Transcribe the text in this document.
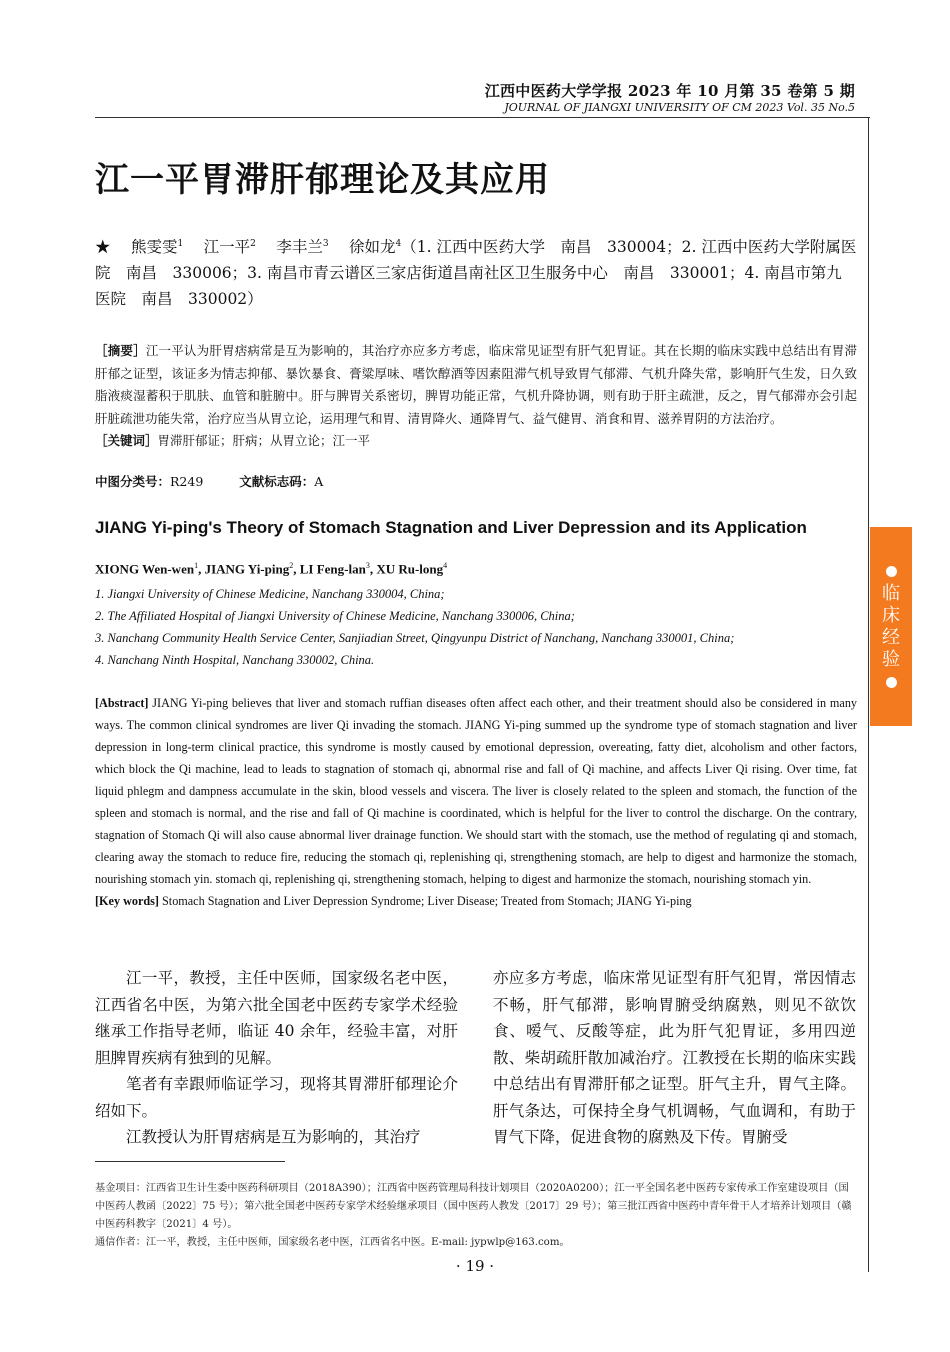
江西中医药大学学报 2023 年 10 月第 35 卷第 5 期
JOURNAL OF JIANGXI UNIVERSITY OF CM 2023 Vol. 35 No.5
临
床
经
验
江一平胃滞肝郁理论及其应用
★　 熊雯雯$^1$　 江一平$^2$　 李丰兰$^3$　 徐如龙$^4$（1. 江西中医药大学　南昌　330004；2. 江西中医药大学附属医院　南昌　330006；3. 南昌市青云谱区三家店街道昌南社区卫生服务中心　南昌　330001；4. 南昌市第九医院　南昌　330002）
［摘要］江一平认为肝胃痞病常是互为影响的，其治疗亦应多方考虑，临床常见证型有肝气犯胃证。其在长期的临床实践中总结出有胃滞肝郁之证型，该证多为情志抑郁、暴饮暴食、膏粱厚味、嗜饮醇酒等因素阻滞气机导致胃气郁滞、气机升降失常，影响肝气生发，日久致脂液痰湿蓄积于肌肤、血管和脏腑中。肝与脾胃关系密切，脾胃功能正常，气机升降协调，则有助于肝主疏泄，反之，胃气郁滞亦会引起肝脏疏泄功能失常，治疗应当从胃立论，运用理气和胃、清胃降火、通降胃气、益气健胃、消食和胃、滋养胃阴的方法治疗。
［关键词］胃滞肝郁证；肝病；从胃立论；江一平
中图分类号：R249	文献标志码：A
JIANG Yi-ping's Theory of Stomach Stagnation and Liver Depression and its Application
XIONG Wen-wen$^1$, JIANG Yi-ping$^2$, LI Feng-lan$^3$, XU Ru-long$^4$
1. Jiangxi University of Chinese Medicine, Nanchang 330004, China;
2. The Affiliated Hospital of Jiangxi University of Chinese Medicine, Nanchang 330006, China;
3. Nanchang Community Health Service Center, Sanjiadian Street, Qingyunpu District of Nanchang, Nanchang 330001, China;
4. Nanchang Ninth Hospital, Nanchang 330002, China.
[Abstract] JIANG Yi-ping believes that liver and stomach ruffian diseases often affect each other, and their treatment should also be considered in many ways. The common clinical syndromes are liver Qi invading the stomach. JIANG Yi-ping summed up the syndrome type of stomach stagnation and liver depression in long-term clinical practice, this syndrome is mostly caused by emotional depression, overeating, fatty diet, alcoholism and other factors, which block the Qi machine, lead to leads to stagnation of stomach qi, abnormal rise and fall of Qi machine, and affects Liver Qi rising. Over time, fat liquid phlegm and dampness accumulate in the skin, blood vessels and viscera. The liver is closely related to the spleen and stomach, the function of the spleen and stomach is normal, and the rise and fall of Qi machine is coordinated, which is helpful for the liver to control the discharge. On the contrary, stagnation of Stomach Qi will also cause abnormal liver drainage function. We should start with the stomach, use the method of regulating qi and stomach, clearing away the stomach to reduce fire, reducing the stomach qi, replenishing qi, strengthening stomach, are help to digest and harmonize the stomach, nourishing stomach yin. stomach qi, replenishing qi, strengthening stomach, helping to digest and harmonize the stomach, nourishing stomach yin.
[Key words] Stomach Stagnation and Liver Depression Syndrome; Liver Disease; Treated from Stomach; JIANG Yi-ping

江一平，教授，主任中医师，国家级名老中医，江西省名中医，为第六批全国老中医药专家学术经验继承工作指导老师，临证 40 余年，经验丰富，对肝胆脾胃疾病有独到的见解。

笔者有幸跟师临证学习，现将其胃滞肝郁理论介绍如下。

江教授认为肝胃痞病是互为影响的，其治疗

亦应多方考虑，临床常见证型有肝气犯胃，常因情志不畅，肝气郁滞，影响胃腑受纳腐熟，则见不欲饮食、嗳气、反酸等症，此为肝气犯胃证，多用四逆散、柴胡疏肝散加减治疗。江教授在长期的临床实践中总结出有胃滞肝郁之证型。肝气主升，胃气主降。肝气条达，可保持全身气机调畅，气血调和，有助于胃气下降，促进食物的腐熟及下传。胃腑受

基金项目：江西省卫生计生委中医药科研项目（2018A390）；江西省中医药管理局科技计划项目（2020A0200）；江一平全国名老中医药专家传承工作室建设项目（国中医药人教函〔2022〕75 号）；第六批全国老中医药专家学术经验继承项目（国中医药人教发〔2017〕29 号）；第三批江西省中医药中青年骨干人才培养计划项目（赣中医药科教字〔2021〕4 号）。

通信作者：江一平，教授，主任中医师，国家级名老中医，江西省名中医。E-mail: jypwlp@163.com。

· 19 ·
